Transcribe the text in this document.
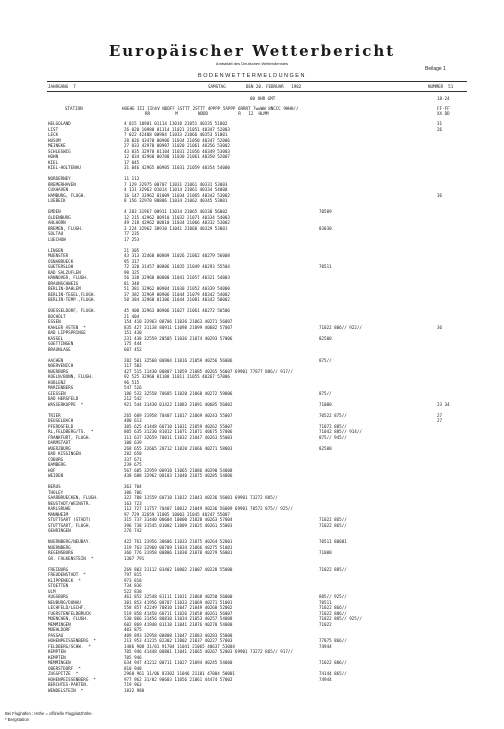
Europäischer Wetterbericht
Amtsblatt des Deutschen Wetterdienstes
Beilage 1
BODENWETTERMELDUNGEN
JAHRGANG  7	SAMSTAG        DEN 20. FEBRUAR   1982	NUMMER  51
00 UHR GMT	18-24
STATION	HOEHE III IIhhV NDDFF 1STTT 2STTT 4PPPP 5APPP 6RRRT 7wwWW 8NCCC 9HHH//	FF-FF
RR          M        NDDD            R   12  HLMM	XX DD
HELGOLAND	4 015 10981 01114 11010 21051 40335 51002	31
LIST	26 020 10980 01114 11021 21051 40347 52003	26
LECK	7 022 42408 00904 11033 21066 40353 51001
HUSUM	28 026 43478 00906 11034 21050 40347 52006
MEINEKE	27 033 42970 00907 11020 21061 40356 53002
SCHLESWIG	43 035 32970 01104 11031 21056 40349 53003
HOHN	12 034 42960 00708 11030 21061 40350 52007
KIEL	17 045
KIEL-HOLTENAU	31 046 42965 00905 11031 21059 40354 54000
NORDERNEY	11 113
BREMERHAVEN	7 129 32975 00707 11031 21061 40331 53003
CUXHAVEN	4 131 32962 01014 11014 21061 40334 54000
HAMBURG, FLUGH.	16 147 32962 01009 11034 21065 40342 53002	36
LUEBECK	8 156 32970 00806 11034 21062 40345 53001
EMDEN	4 203 31967 00911 11034 21065 40330 56002	70509
OLDENBURG	12 215 42962 00910 11032 21071 40334 54003
AHLHORN	49 218 42962 00810 11034 21066 40332 53002
BREMEN, FLUGH.	3 224 32962 30910 11041 21060 40329 53001	83030
SOLTAU	77 235
LUECHOW	17 253
LINGEN	21 305
MUENSTER	43 313 32460 00809 11026 21062 40279 56008
OSNABRUECK	95 317
GUETERSLOH	72 320 31457 00806 11035 21049 40293 55504	70511
BAD SALZUFLEN	98 325
HANNOVER, FLUGH.	56 338 32968 00800 11041 21057 40321 54003
BRAUNSCHWEIG	81 348
BERLIN-DAHLEM	51 381 32962 00904 11030 21052 40339 54000
BERLIN-TEGEL,FLUGH.	37 382 32969 00906 11044 21079 40342 54002
BERLIN-TEMP.,FLUGH.	50 384 32960 01306 11044 21081 40342 50002
DUESSELDORF, FLUGH.	45 400 32963 00906 11027 21061 40272 56506
BOCHOLT	21 404
ESSEN	154 410 32963 00706 11036 21063 40271 56007
KAHLER ASTEN  *	835 427 31138 80911 11098 21099 40682 57007	71022 806// 922//	36
BAD LIPPSPRINGE	151 430
KASSEL	231 438 32559 20505 11036 21074 40293 57006	82500
GOETTINGEN	175 444
BRAUNLAGE	607 452
AACHEN	202 501 32560 00904 11016 21059 40256 56006	875//
NOERVENICH	117 502
NUERBURG	427 515 11430 00807 11059 21085 40265 56007 69901 77877 886// 917//
KOELN/BONN, FLUGH.	92 525 32960 01108 11011 21055 40267 57006
KOBLENZ	96 515
MARIENBERG	547 526
GIESSEN	186 532 32558 70605 11020 21068 40272 59006	875//
BAD HERSFELD	212 542
WASSERKUPPE  *	921 544 31430 01422 11083 21091 40685 56002	71000	23 34
TRIER	265 609 31958 70407 11017 21069 40243 55007	70522 875//	27
DEUSELBACH	480 613	27
PFERDSFELD	305 625 41448 60710 11031 21059 40262 55007	71072 885//
RL,FELDBERG/TS.  *	805 635 31230 81012 11071 21071 40675 57006	71042 885// 914//
FRANKFURT, FLUGH.	111 637 32659 70811 11032 21047 40263 55003	875// 945//
DARMSTADT	108 639
WUERZBURG	268 655 32665 20712 11020 21066 40271 58003	82500
BAD KISSINGEN	282 658
COBURG	337 671
BAMBERG	239 675
HOF	567 685 32959 00910 11065 21086 40290 54008
WEIDEN	438 688 32962 00103 11040 21075 40285 54006
BERUS	363 704
THOLEY	386 706
SAARBRUECKEN, FLUGH.	322 708 11559 60710 11012 21043 40236 56001 69901 73272 885//
NEUSTADT/WEINSTR.	163 723
KARLSRUHE	112 727 11757 70407 10012 21049 40236 56009 69901 70572 875// 925//
MANNHEIM	97 729 32659 11005 10003 21045 40247 55007
STUTTGART (STADT)	315 737 31440 00604 10000 21028 40263 57004	71022 865//
STUTTGART, FLUGH.	396 738 31545 01002 11009 21025 40261 55003	71022 865//
OEHRINGEN	276 742
NUERNBERG/NEUBAY.	422 761 31956 30606 11033 21075 40264 52001	70511 80081
NUERNBERG	319 763 32960 00709 11034 21066 40275 51001
REGENSBURG	366 776 31958 00806 11030 21070 40279 56001	71000
GR. FALKENSTEIN  *	1307 791
FREIBURG	269 803 31112 03402 10002 21007 40228 55000	71022 885//
FREUDENSTADT  *	797 815
KLIPPENECK  *	973 818
STOETTEN	734 836
ULM	522 838
AUGSBURG	461 852 32548 81111 11031 21068 40250 56000	885// 925//
NEUBURG/DONAU	381 853 41956 00707 11033 21069 40271 51001	70511
LECHFELD/LECHF.	558 857 42249 70810 11047 21049 40260 52002	71022 866//
FUERSTENFELDBRUCK	519 858 41450 60711 11026 21058 40261 56007	71022 886//
MUENCHEN, FLUGH.	530 866 31456 80810 11034 21053 40257 54008	71022 885// 925//
MEMMINGEN	602 869 41940 01110 11041 21076 40270 54000	71022
MUEHLDORF	403 875
PASSAU	409 893 32958 00808 11047 21083 40283 55000
HOHENPEISSENBERG  *	213 953 41215 02302 11002 21037 40227 57003	77075 866//
FELDBERG/SCHW.  *	1486 908 31/01 91704 11041 21065 40637 53004	74944
KEMPTEN	705 946 41448 00801 11041 21065 40267 52003 69901 73272 865// 917//
KEMPTEN	705 946
MEMMINGEN	634 947 41212 00711 11027 21094 40245 54000	71022 886//
OBERSTDORF  *	810 948
ZUGSPITZE  *	2960 961 31/06 83302 11046 21101 47004 50001	74144 865//
HOHENPEISSENBERG  *	977 962 31/02 90603 11056 21061 44474 57002	74944
BERCHTES-PARTEN.	719 963
WENDELSTEIN  *	1832 980
Bei Flughäfen : Höhe = offizielle Flugplatzhöhe
* Bergstation
